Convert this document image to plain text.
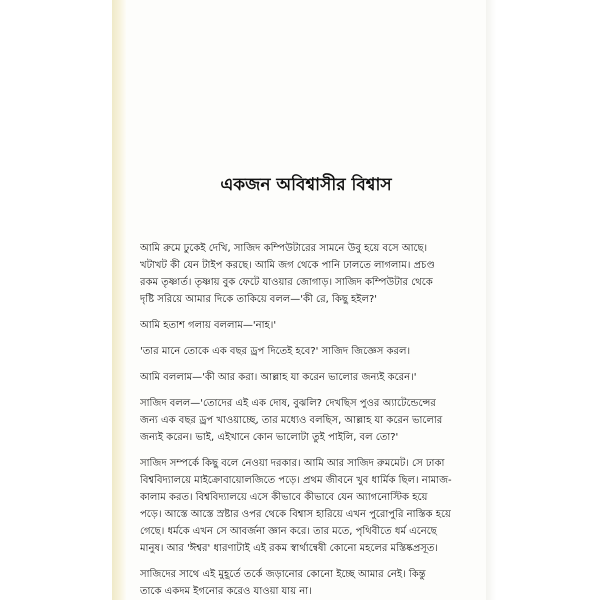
একজন অবিশ্বাসীর বিশ্বাস

আমি রুমে ঢুকেই দেখি, সাজিদ কম্পিউটারের সামনে উবু হয়ে বসে আছে।
খটাখট কী যেন টাইপ করছে। আমি জগ থেকে পানি ঢালতে লাগলাম। প্রচণ্ড
রকম তৃষ্ণার্ত। তৃষ্ণায় বুক ফেটে যাওয়ার জোগাড়। সাজিদ কম্পিউটার থেকে
দৃষ্টি সরিয়ে আমার দিকে তাকিয়ে বলল—'কী রে, কিছু হইল?'

আমি হতাশ গলায় বললাম—'নাহ।'

'তার মানে তোকে এক বছর ড্রপ দিতেই হবে?' সাজিদ জিজ্ঞেস করল।

আমি বললাম—'কী আর করা। আল্লাহ যা করেন ভালোর জন্যই করেন।'

সাজিদ বলল—'তোদের এই এক দোষ, বুঝলি? দেখছিস পুওর অ্যাটেন্ডেন্সের
জন্য এক বছর ড্রপ খাওয়াচ্ছে, তার মধ্যেও বলছিস, আল্লাহ যা করেন ভালোর
জন্যই করেন। ভাই, এইখানে কোন ভালোটা তুই পাইলি, বল তো?'

সাজিদ সম্পর্কে কিছু বলে নেওয়া দরকার। আমি আর সাজিদ রুমমেট। সে ঢাকা
বিশ্ববিদ্যালয়ে মাইক্রোবায়োলজিতে পড়ে। প্রথম জীবনে খুব ধার্মিক ছিল। নামাজ-
কালাম করত। বিশ্ববিদ্যালয়ে এসে কীভাবে কীভাবে যেন অ্যাগনোস্টিক হয়ে
পড়ে। আস্তে আস্তে স্রষ্টার ওপর থেকে বিশ্বাস হারিয়ে এখন পুরোপুরি নাস্তিক হয়ে
গেছে। ধর্মকে এখন সে আবর্জনা জ্ঞান করে। তার মতে, পৃথিবীতে ধর্ম এনেছে
মানুষ। আর 'ঈশ্বর' ধারণাটাই এই রকম স্বার্থান্বেষী কোনো মহলের মস্তিষ্কপ্রসূত।

সাজিদের সাথে এই মুহূর্তে তর্কে জড়ানোর কোনো ইচ্ছে আমার নেই। কিন্তু
তাকে একদম ইগনোর করেও যাওয়া যায় না।
